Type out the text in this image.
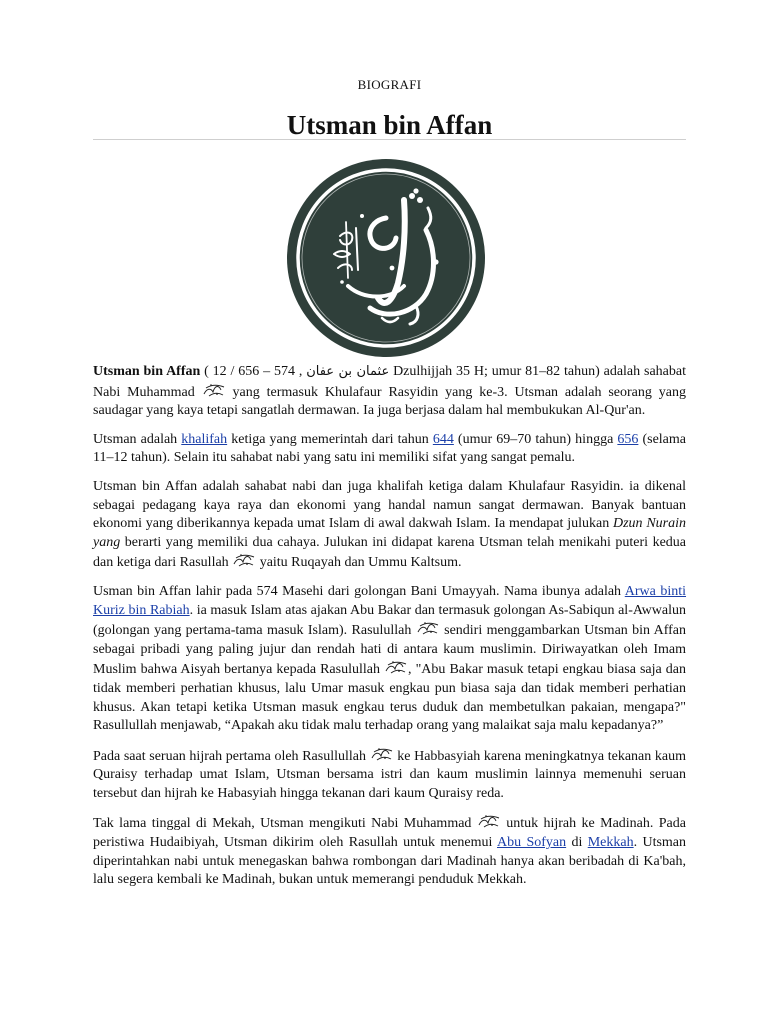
BIOGRAFI
Utsman bin Affan

Utsman bin Affan ( 12 / 656 – 574 , عثمان بن عفان Dzulhijjah 35 H; umur 81–82 tahun) adalah sahabat Nabi Muhammad  yang termasuk Khulafaur Rasyidin yang ke-3. Utsman adalah seorang yang saudagar yang kaya tetapi sangatlah dermawan. Ia juga berjasa dalam hal membukukan Al-Qur'an.

Utsman adalah khalifah ketiga yang memerintah dari tahun 644 (umur 69–70 tahun) hingga 656 (selama 11–12 tahun). Selain itu sahabat nabi yang satu ini memiliki sifat yang sangat pemalu.

Utsman bin Affan adalah sahabat nabi dan juga khalifah ketiga dalam Khulafaur Rasyidin. ia dikenal sebagai pedagang kaya raya dan ekonomi yang handal namun sangat dermawan. Banyak bantuan ekonomi yang diberikannya kepada umat Islam di awal dakwah Islam. Ia mendapat julukan Dzun Nurain yang berarti yang memiliki dua cahaya. Julukan ini didapat karena Utsman telah menikahi puteri kedua dan ketiga dari Rasullah  yaitu Ruqayah dan Ummu Kaltsum.

Usman bin Affan lahir pada 574 Masehi dari golongan Bani Umayyah. Nama ibunya adalah Arwa binti Kuriz bin Rabiah. ia masuk Islam atas ajakan Abu Bakar dan termasuk golongan As-Sabiqun al-Awwalun (golongan yang pertama-tama masuk Islam). Rasulullah  sendiri menggambarkan Utsman bin Affan sebagai pribadi yang paling jujur dan rendah hati di antara kaum muslimin. Diriwayatkan oleh Imam Muslim bahwa Aisyah bertanya kepada Rasulullah , "Abu Bakar masuk tetapi engkau biasa saja dan tidak memberi perhatian khusus, lalu Umar masuk engkau pun biasa saja dan tidak memberi perhatian khusus. Akan tetapi ketika Utsman masuk engkau terus duduk dan membetulkan pakaian, mengapa?" Rasullullah menjawab, “Apakah aku tidak malu terhadap orang yang malaikat saja malu kepadanya?”

Pada saat seruan hijrah pertama oleh Rasullullah  ke Habbasyiah karena meningkatnya tekanan kaum Quraisy terhadap umat Islam, Utsman bersama istri dan kaum muslimin lainnya memenuhi seruan tersebut dan hijrah ke Habasyiah hingga tekanan dari kaum Quraisy reda.

Tak lama tinggal di Mekah, Utsman mengikuti Nabi Muhammad  untuk hijrah ke Madinah. Pada peristiwa Hudaibiyah, Utsman dikirim oleh Rasullah untuk menemui Abu Sofyan di Mekkah. Utsman diperintahkan nabi untuk menegaskan bahwa rombongan dari Madinah hanya akan beribadah di Ka'bah, lalu segera kembali ke Madinah, bukan untuk memerangi penduduk Mekkah.
